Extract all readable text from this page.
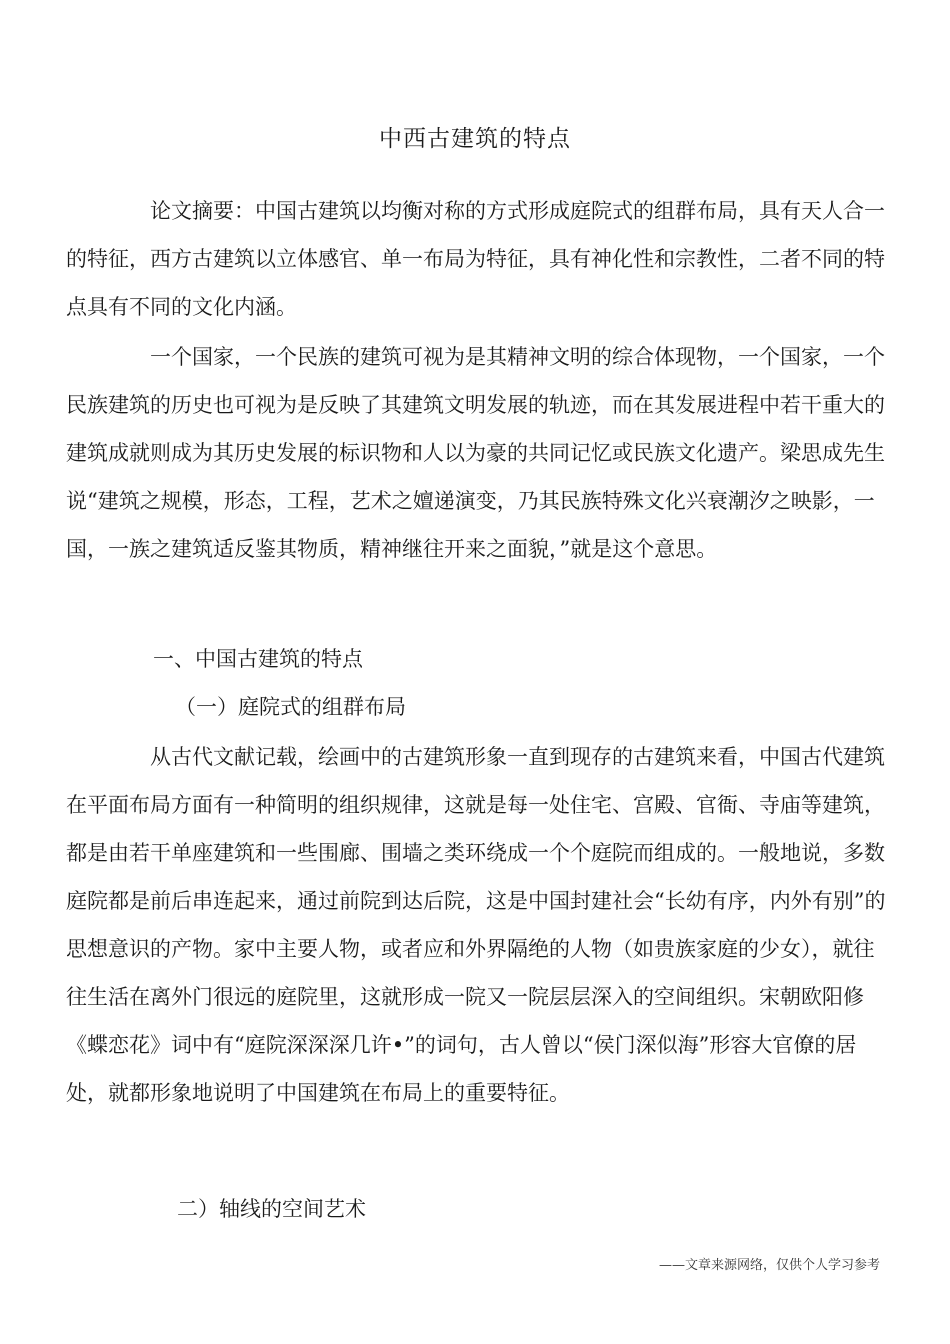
中西古建筑的特点

论文摘要：中国古建筑以均衡对称的方式形成庭院式的组群布局，具有天人合一的特征，西方古建筑以立体感官、单一布局为特征，具有神化性和宗教性，二者不同的特点具有不同的文化内涵。

一个国家，一个民族的建筑可视为是其精神文明的综合体现物，一个国家，一个民族建筑的历史也可视为是反映了其建筑文明发展的轨迹，而在其发展进程中若干重大的建筑成就则成为其历史发展的标识物和人以为豪的共同记忆或民族文化遗产。梁思成先生说“建筑之规模，形态，工程，艺术之嬗递演变，乃其民族特殊文化兴衰潮汐之映影，一国，一族之建筑适反鉴其物质，精神继往开来之面貌，”就是这个意思。

一、中国古建筑的特点
（一）庭院式的组群布局

从古代文献记载，绘画中的古建筑形象一直到现存的古建筑来看，中国古代建筑在平面布局方面有一种简明的组织规律，这就是每一处住宅、宫殿、官衙、寺庙等建筑，都是由若干单座建筑和一些围廊、围墙之类环绕成一个个庭院而组成的。一般地说，多数庭院都是前后串连起来，通过前院到达后院，这是中国封建社会“长幼有序，内外有别”的思想意识的产物。家中主要人物，或者应和外界隔绝的人物（如贵族家庭的少女），就往往生活在离外门很远的庭院里，这就形成一院又一院层层深入的空间组织。宋朝欧阳修《蝶恋花》词中有“庭院深深深几许•”的词句，古人曾以“侯门深似海”形容大官僚的居处，就都形象地说明了中国建筑在布局上的重要特征。

二）轴线的空间艺术
——文章来源网络，仅供个人学习参考
